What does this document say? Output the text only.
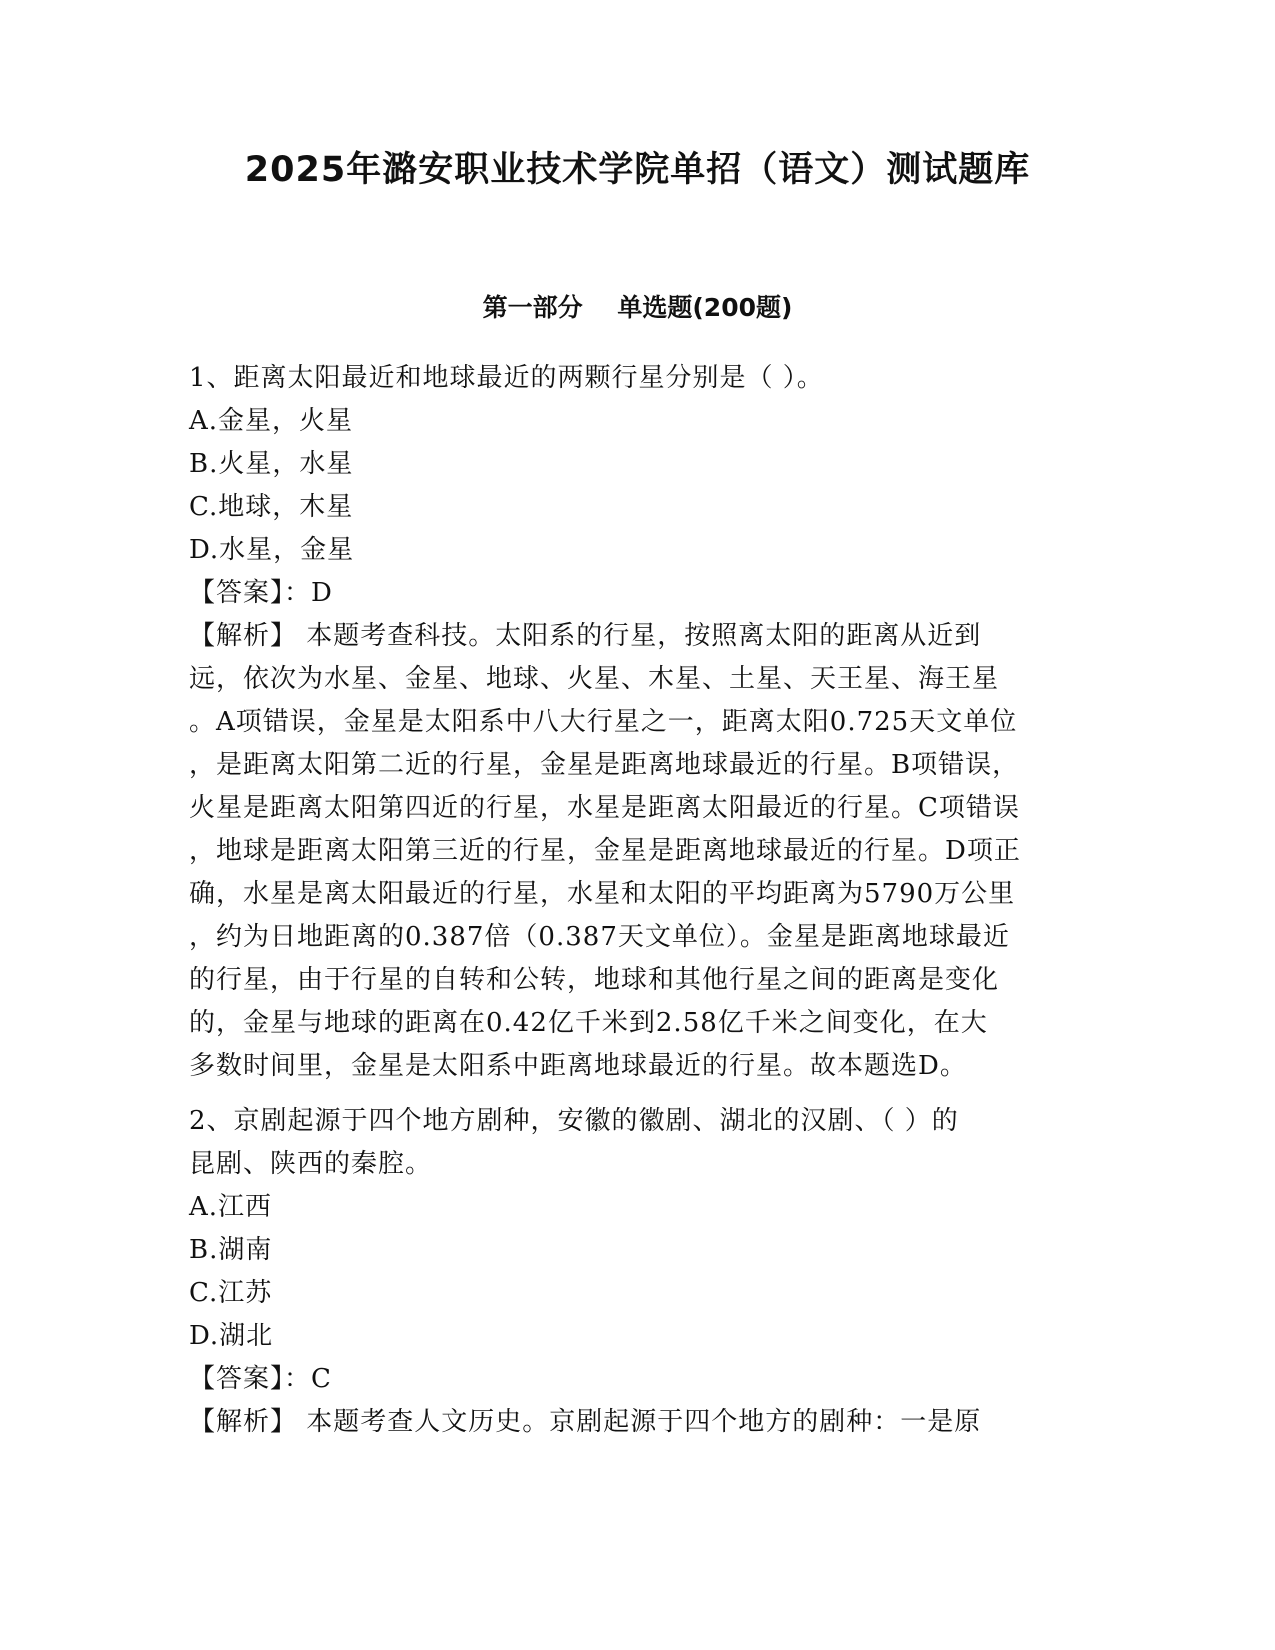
2025年潞安职业技术学院单招（语文）测试题库
第一部分    单选题(200题)
1、距离太阳最近和地球最近的两颗行星分别是（ ）。
A.金星，火星
B.火星，水星
C.地球，木星
D.水星，金星
【答案】：D
【解析】 本题考查科技。太阳系的行星，按照离太阳的距离从近到
远，依次为水星、金星、地球、火星、木星、土星、天王星、海王星
。A项错误，金星是太阳系中八大行星之一，距离太阳0.725天文单位
，是距离太阳第二近的行星，金星是距离地球最近的行星。B项错误，
火星是距离太阳第四近的行星，水星是距离太阳最近的行星。C项错误
，地球是距离太阳第三近的行星，金星是距离地球最近的行星。D项正
确，水星是离太阳最近的行星，水星和太阳的平均距离为5790万公里
，约为日地距离的0.387倍（0.387天文单位）。金星是距离地球最近
的行星，由于行星的自转和公转，地球和其他行星之间的距离是变化
的，金星与地球的距离在0.42亿千米到2.58亿千米之间变化，在大
多数时间里，金星是太阳系中距离地球最近的行星。故本题选D。
2、京剧起源于四个地方剧种，安徽的徽剧、湖北的汉剧、（ ）的
昆剧、陕西的秦腔。
A.江西
B.湖南
C.江苏
D.湖北
【答案】：C
【解析】 本题考查人文历史。京剧起源于四个地方的剧种：一是原
